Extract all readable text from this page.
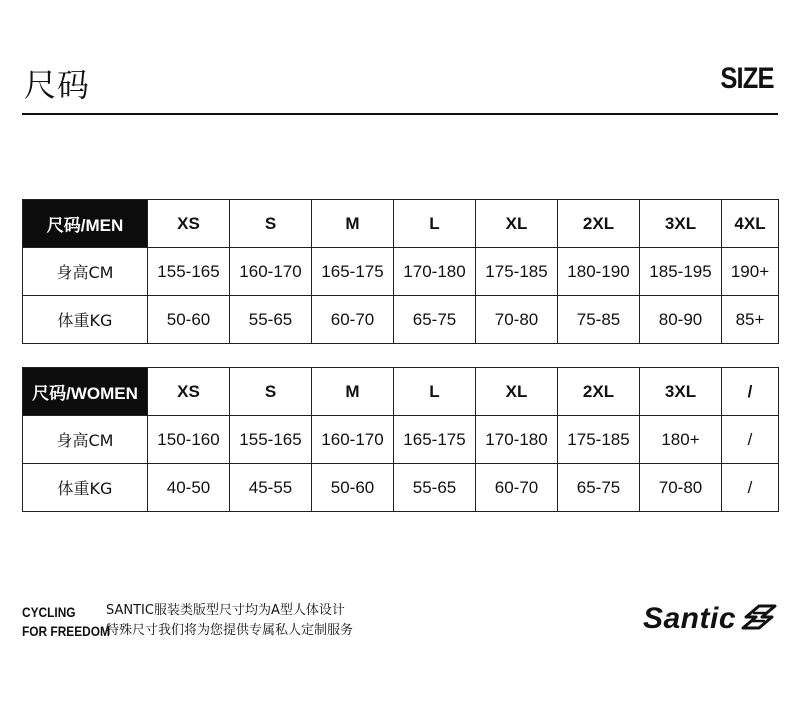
尺码	SIZE
尺码/MEN	XS	S	M	L	XL	2XL	3XL	4XL
身高CM	155-165	160-170	165-175	170-180	175-185	180-190	185-195	190+
体重KG	50-60	55-65	60-70	65-75	70-80	75-85	80-90	85+
尺码/WOMEN	XS	S	M	L	XL	2XL	3XL	/
身高CM	150-160	155-165	160-170	165-175	170-180	175-185	180+	/
体重KG	40-50	45-55	50-60	55-65	60-70	65-75	70-80	/
CYCLING
FOR FREEDOM
SANTIC服装类版型尺寸均为A型人体设计
特殊尺寸我们将为您提供专属私人定制服务	Santic
